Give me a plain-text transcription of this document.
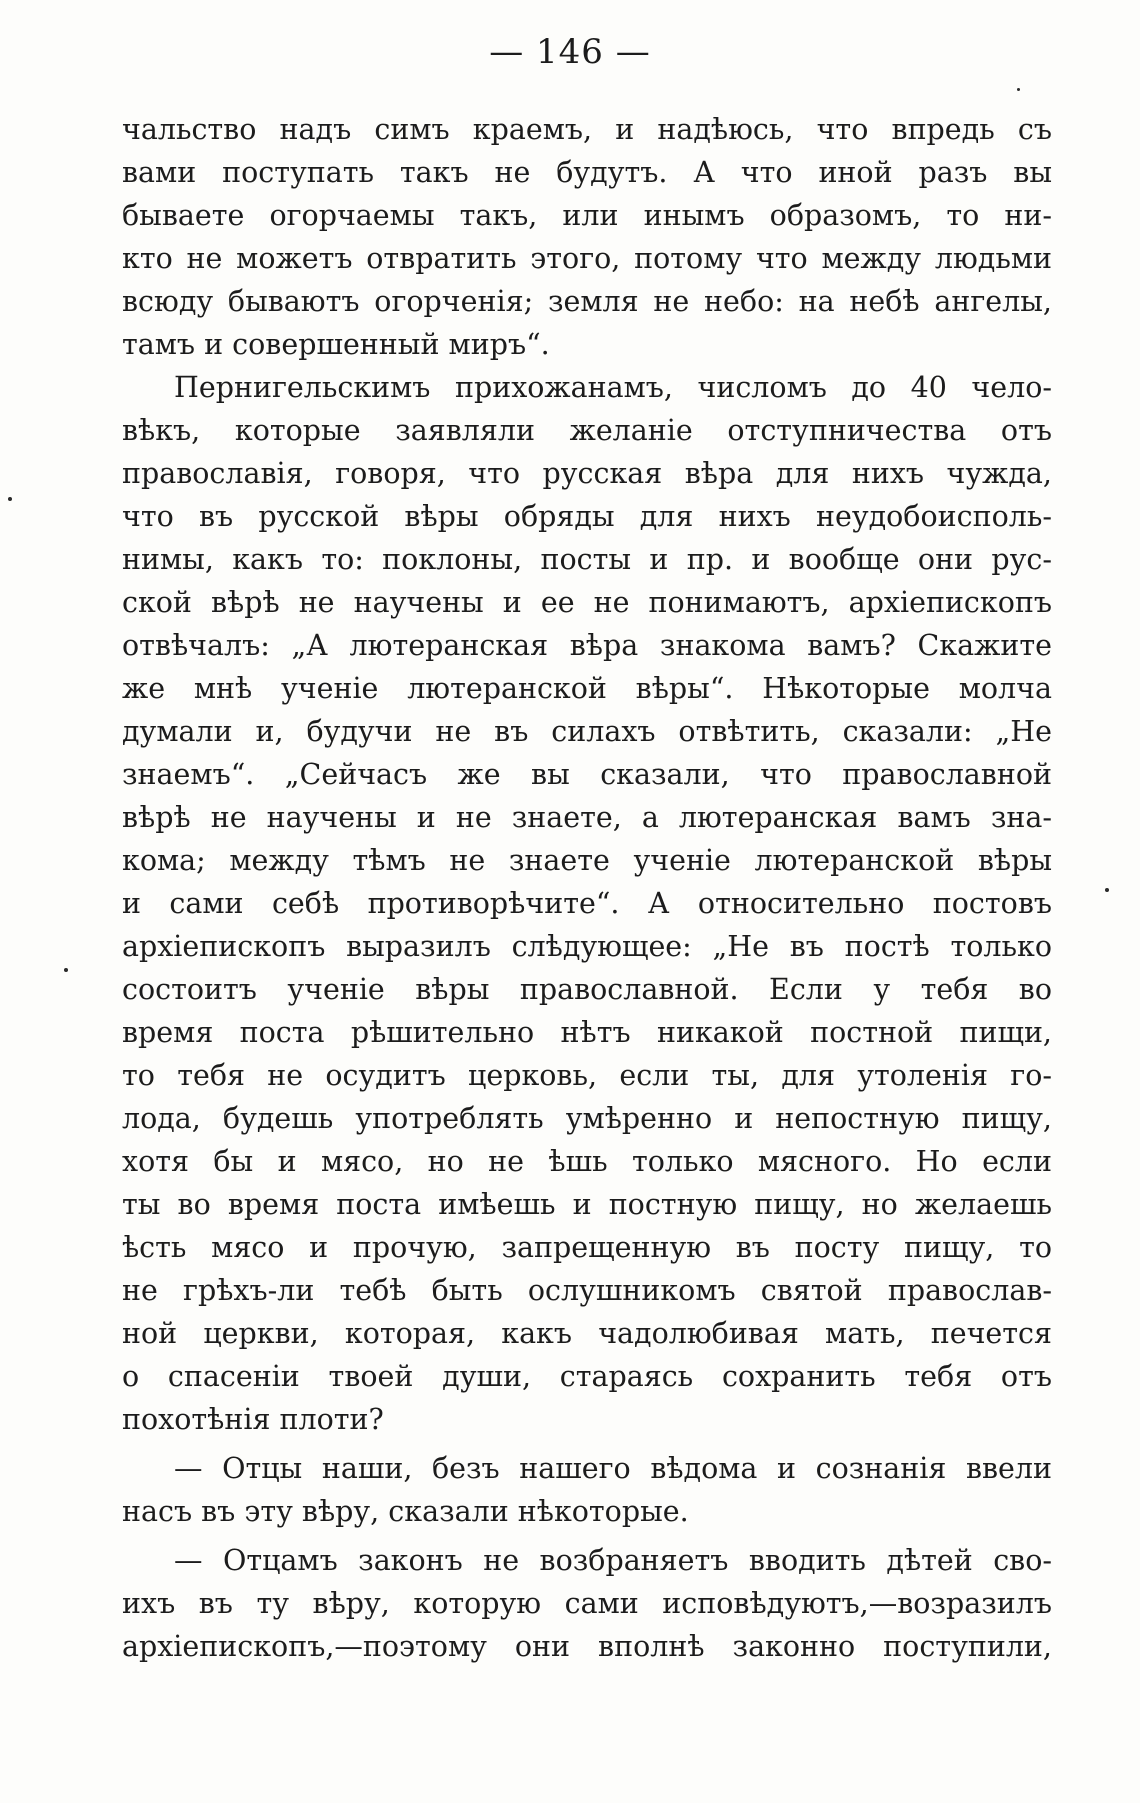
— 146 —
чальство надъ симъ краемъ, и надѣюсь, что впредь съ
вами поступать такъ не будутъ. А что иной разъ вы
бываете огорчаемы такъ, или инымъ образомъ, то ни-
кто не можетъ отвратить этого, потому что между людьми
всюду бываютъ огорченія; земля не небо: на небѣ ангелы,
тамъ и совершенный миръ“.
Пернигельскимъ прихожанамъ, числомъ до 40 чело-
вѣкъ, которые заявляли желаніе отступничества отъ
православія, говоря, что русская вѣра для нихъ чужда,
что въ русской вѣры обряды для нихъ неудобоисполь-
нимы, какъ то: поклоны, посты и пр. и вообще они рус-
ской вѣрѣ не научены и ее не понимаютъ, архіепископъ
отвѣчалъ: „А лютеранская вѣра знакома вамъ? Скажите
же мнѣ ученіе лютеранской вѣры“. Нѣкоторые молча
думали и, будучи не въ силахъ отвѣтить, сказали: „Не
знаемъ“. „Сейчасъ же вы сказали, что православной
вѣрѣ не научены и не знаете, а лютеранская вамъ зна-
кома; между тѣмъ не знаете ученіе лютеранской вѣры
и сами себѣ противорѣчите“. А относительно постовъ
архіепископъ выразилъ слѣдующее: „Не въ постѣ только
состоитъ ученіе вѣры православной. Если у тебя во
время поста рѣшительно нѣтъ никакой постной пищи,
то тебя не осудитъ церковь, если ты, для утоленія го-
лода, будешь употреблять умѣренно и непостную пищу,
хотя бы и мясо, но не ѣшь только мясного. Но если
ты во время поста имѣешь и постную пищу, но желаешь
ѣсть мясо и прочую, запрещенную въ посту пищу, то
не грѣхъ-ли тебѣ быть ослушникомъ святой православ-
ной церкви, которая, какъ чадолюбивая мать, печется
о спасеніи твоей души, стараясь сохранить тебя отъ
похотѣнія плоти?
— Отцы наши, безъ нашего вѣдома и сознанія ввели
насъ въ эту вѣру, сказали нѣкоторые.
— Отцамъ законъ не возбраняетъ вводить дѣтей сво-
ихъ въ ту вѣру, которую сами исповѣдуютъ,—возразилъ
архіепископъ,—поэтому они вполнѣ законно поступили,
